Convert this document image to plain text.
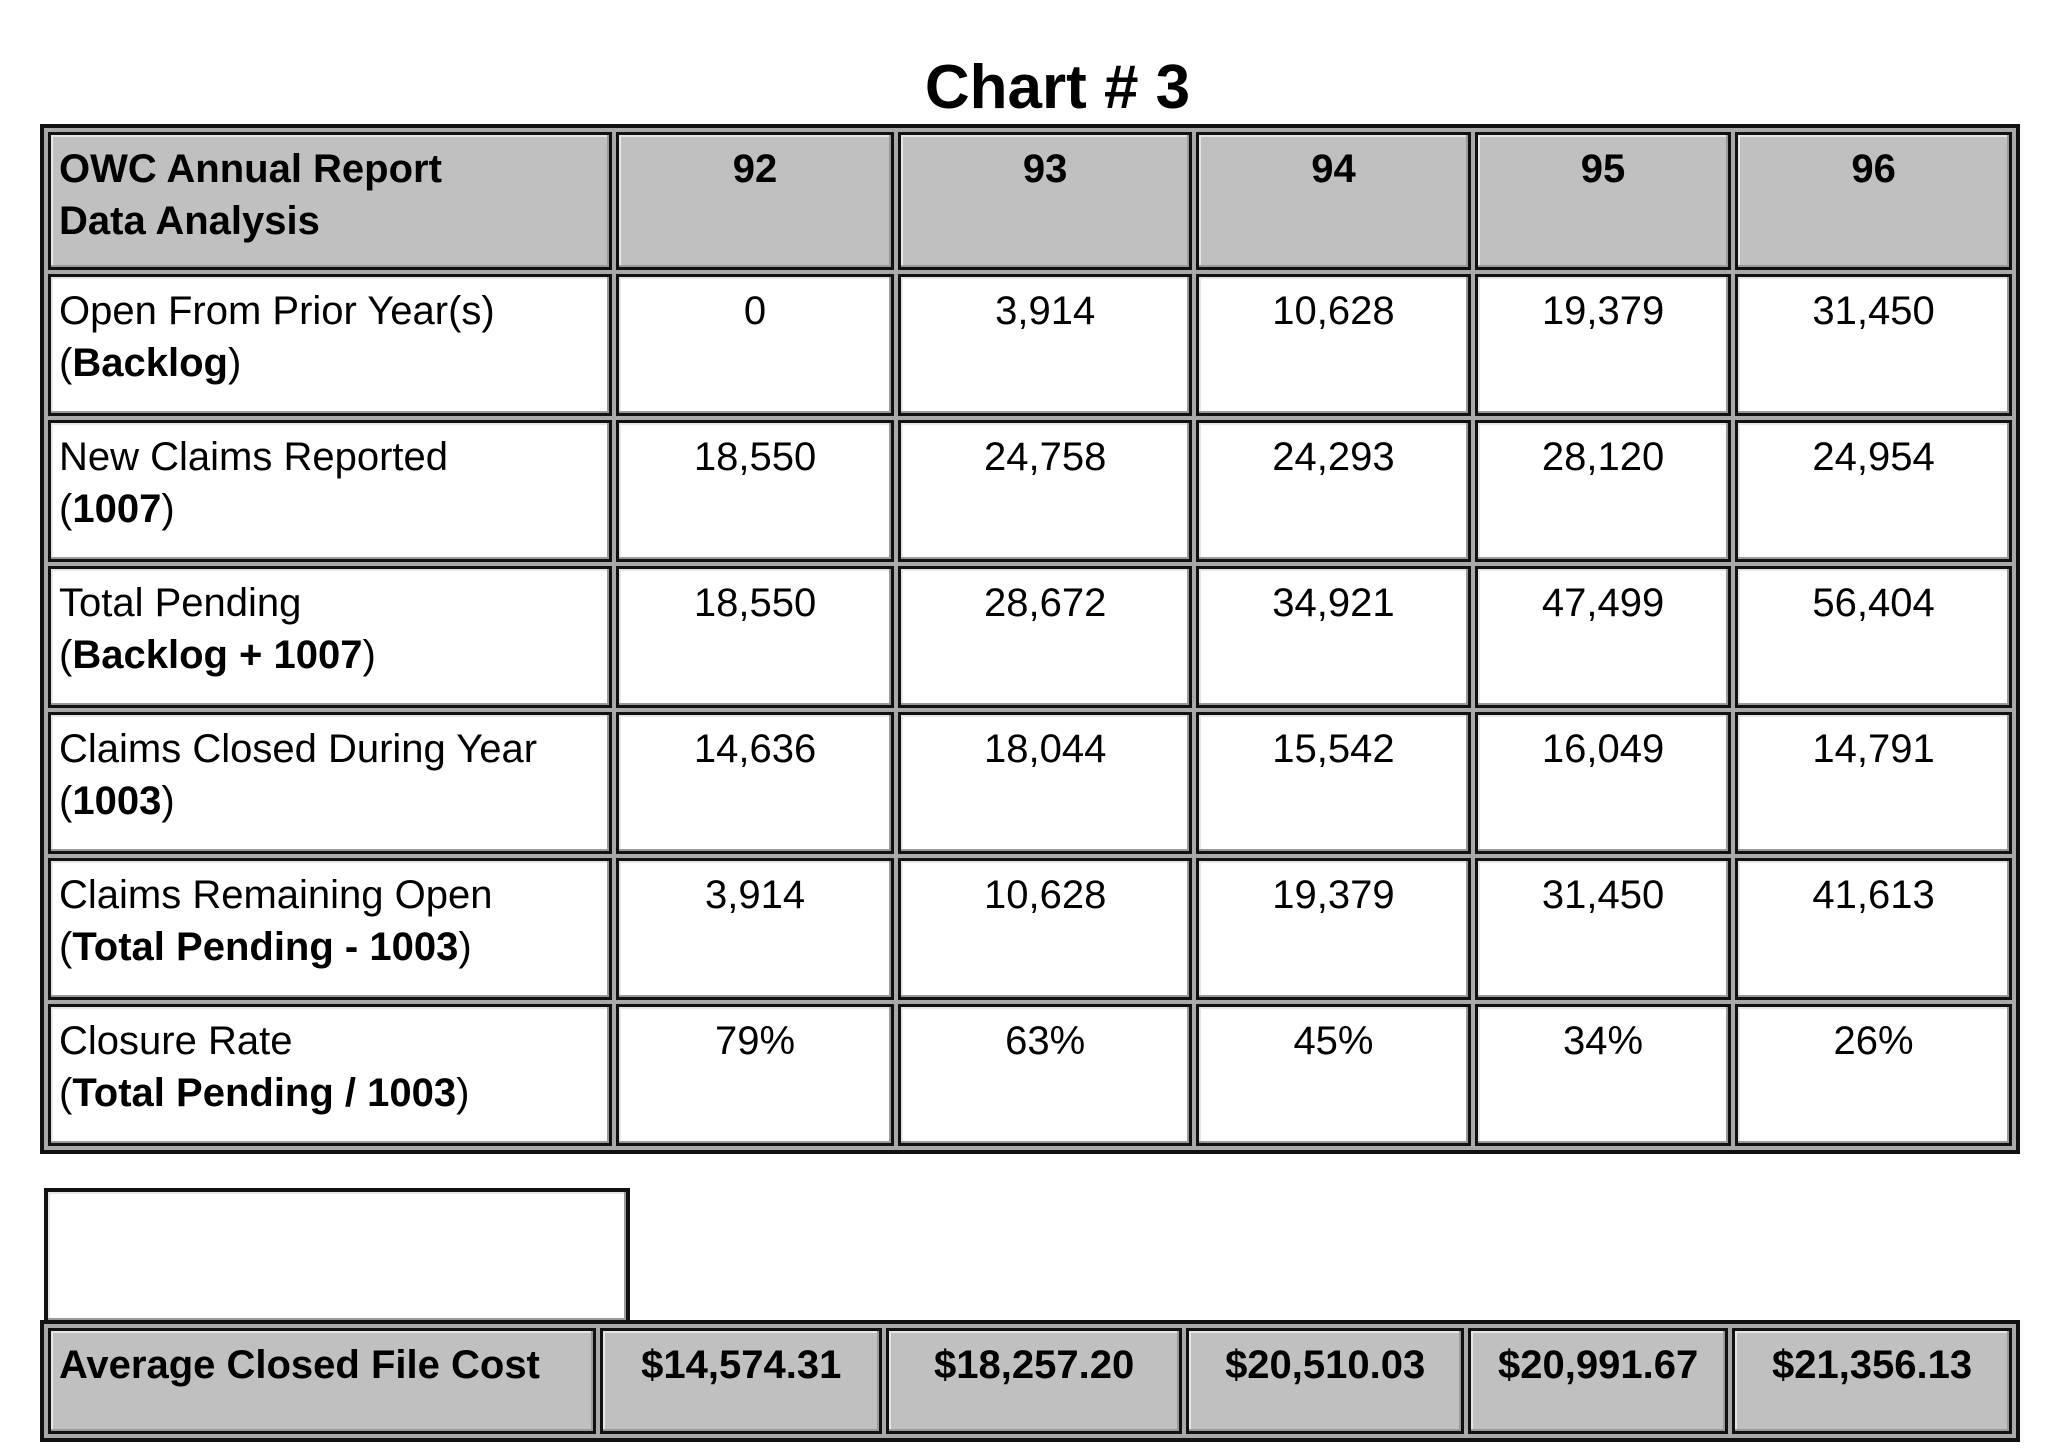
Chart # 3
OWC Annual Report
Data Analysis	92	93	94	95	96
Open From Prior Year(s)
(Backlog)	0	3,914	10,628	19,379	31,450
New Claims Reported
(1007)	18,550	24,758	24,293	28,120	24,954
Total Pending
(Backlog + 1007)	18,550	28,672	34,921	47,499	56,404
Claims Closed During Year
(1003)	14,636	18,044	15,542	16,049	14,791
Claims Remaining Open
(Total Pending - 1003)	3,914	10,628	19,379	31,450	41,613
Closure Rate
(Total Pending / 1003)	79%	63%	45%	34%	26%
Average Closed File Cost	$14,574.31	$18,257.20	$20,510.03	$20,991.67	$21,356.13
